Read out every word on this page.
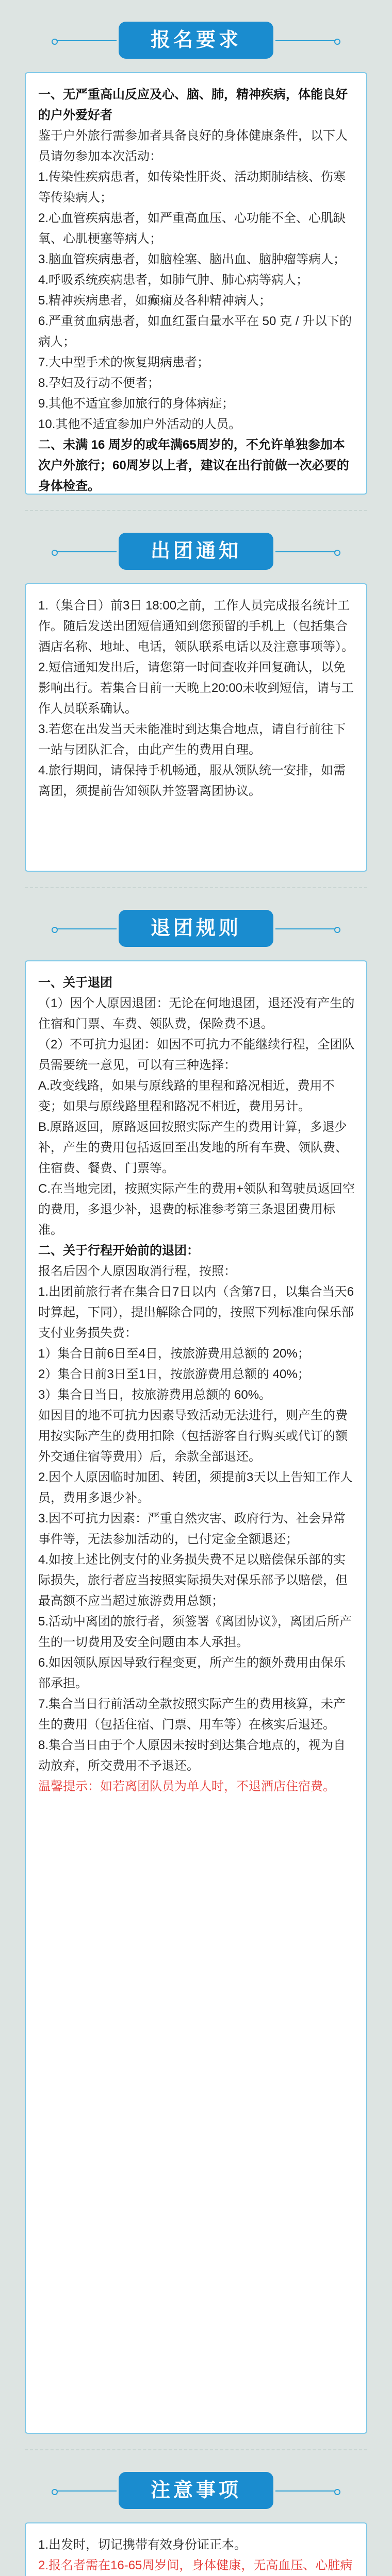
报名要求

一、无严重高山反应及心、脑、肺，精神疾病，体能良好的户外爱好者

鉴于户外旅行需参加者具备良好的身体健康条件，以下人员请勿参加本次活动：

1.传染性疾病患者，如传染性肝炎、活动期肺结核、伤寒等传染病人；

2.心血管疾病患者，如严重高血压、心功能不全、心肌缺氧、心肌梗塞等病人；

3.脑血管疾病患者，如脑栓塞、脑出血、脑肿瘤等病人；

4.呼吸系统疾病患者，如肺气肿、肺心病等病人；

5.精神疾病患者，如癫痫及各种精神病人；

6.严重贫血病患者，如血红蛋白量水平在 50 克 / 升以下的病人；

7.大中型手术的恢复期病患者；

8.孕妇及行动不便者；

9.其他不适宜参加旅行的身体病症；

10.其他不适宜参加户外活动的人员。

二、未满 16 周岁的或年满65周岁的，不允许单独参加本次户外旅行；60周岁以上者，建议在出行前做一次必要的身体检查。

出团通知

1.（集合日）前3日 18:00之前，工作人员完成报名统计工作。随后发送出团短信通知到您预留的手机上（包括集合酒店名称、地址、电话，领队联系电话以及注意事项等）。

2.短信通知发出后，请您第一时间查收并回复确认，以免影响出行。若集合日前一天晚上20:00未收到短信，请与工作人员联系确认。

3.若您在出发当天未能准时到达集合地点，请自行前往下一站与团队汇合，由此产生的费用自理。

4.旅行期间，请保持手机畅通，服从领队统一安排，如需离团，须提前告知领队并签署离团协议。

退团规则

一、关于退团

（1）因个人原因退团：无论在何地退团，退还没有产生的住宿和门票、车费、领队费，保险费不退。

（2）不可抗力退团：如因不可抗力不能继续行程，全团队员需要统一意见，可以有三种选择：

A.改变线路，如果与原线路的里程和路况相近，费用不变；如果与原线路里程和路况不相近，费用另计。

B.原路返回，原路返回按照实际产生的费用计算，多退少补，产生的费用包括返回至出发地的所有车费、领队费、住宿费、餐费、门票等。

C.在当地完团，按照实际产生的费用+领队和驾驶员返回空的费用，多退少补，退费的标准参考第三条退团费用标准。

二、关于行程开始前的退团：

报名后因个人原因取消行程，按照：

1.出团前旅行者在集合日7日以内（含第7日，以集合当天6时算起，下同），提出解除合同的，按照下列标准向保乐部支付业务损失费：

1）集合日前6日至4日，按旅游费用总额的 20%；

2）集合日前3日至1日，按旅游费用总额的 40%；

3）集合日当日，按旅游费用总额的 60%。

如因目的地不可抗力因素导致活动无法进行，则产生的费用按实际产生的费用扣除（包括游客自行购买或代订的额外交通住宿等费用）后，余款全部退还。

2.因个人原因临时加团、转团，须提前3天以上告知工作人员，费用多退少补。

3.因不可抗力因素：严重自然灾害、政府行为、社会异常事件等，无法参加活动的，已付定金全额退还；

4.如按上述比例支付的业务损失费不足以赔偿保乐部的实际损失，旅行者应当按照实际损失对保乐部予以赔偿，但最高额不应当超过旅游费用总额；

5.活动中离团的旅行者，须签署《离团协议》，离团后所产生的一切费用及安全问题由本人承担。

6.如因领队原因导致行程变更，所产生的额外费用由保乐部承担。

7.集合当日行前活动全款按照实际产生的费用核算，未产生的费用（包括住宿、门票、用车等）在核实后退还。

8.集合当日由于个人原因未按时到达集合地点的，视为自动放弃，所交费用不予退还。

温馨提示：如若离团队员为单人时，不退酒店住宿费。

注意事项

1.出发时，切记携带有效身份证正本。

2.报名者需在16-65周岁间，身体健康，无高血压、心脏病
